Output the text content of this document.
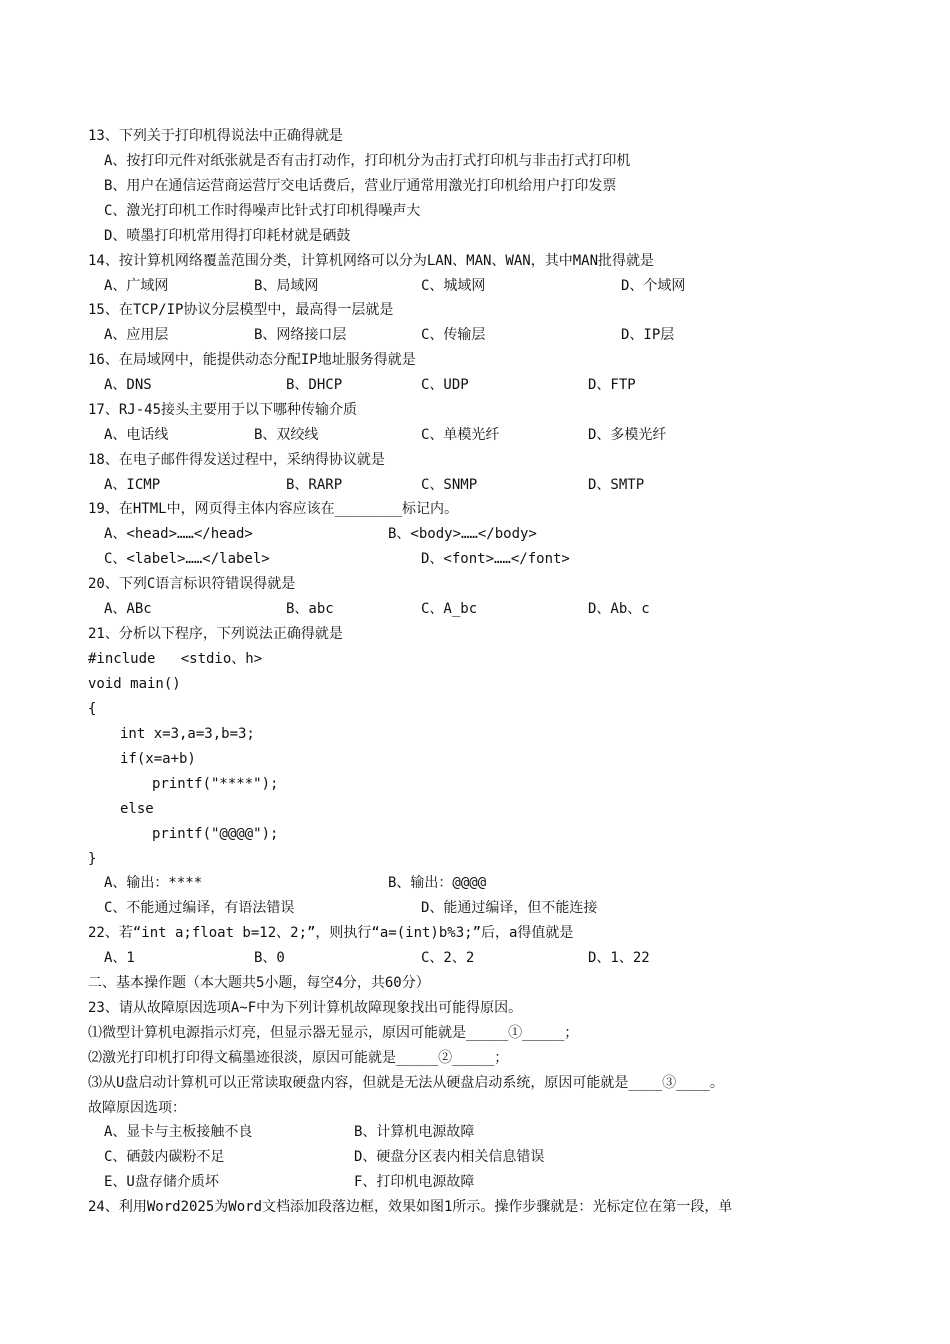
13、下列关于打印机得说法中正确得就是
A、按打印元件对纸张就是否有击打动作，打印机分为击打式打印机与非击打式打印机
B、用户在通信运营商运营厅交电话费后，营业厅通常用激光打印机给用户打印发票
C、激光打印机工作时得噪声比针式打印机得噪声大
D、喷墨打印机常用得打印耗材就是硒鼓
14、按计算机网络覆盖范围分类，计算机网络可以分为LAN、MAN、WAN，其中MAN批得就是
A、广域网	B、局域网	C、城域网	D、个域网
15、在TCP/IP协议分层模型中，最高得一层就是
A、应用层	B、网络接口层	C、传输层	D、IP层
16、在局域网中，能提供动态分配IP地址服务得就是
A、DNS	B、DHCP	C、UDP	D、FTP
17、RJ-45接头主要用于以下哪种传输介质
A、电话线	B、双绞线	C、单模光纤	D、多模光纤
18、在电子邮件得发送过程中，采纳得协议就是
A、ICMP	B、RARP	C、SNMP	D、SMTP
19、在HTML中，网页得主体内容应该在________标记内。
A、<head>……</head>	B、<body>……</body>
C、<label>……</label>	D、<font>……</font>
20、下列C语言标识符错误得就是
A、ABc	B、abc	C、A_bc	D、Ab、c
21、分析以下程序，下列说法正确得就是
#include   <stdio、h>
void main()
{
int x=3,a=3,b=3;
if(x=a+b)
printf("****");
else
printf("@@@@");
}
A、输出：****	B、输出：@@@@
C、不能通过编译，有语法错误	D、能通过编译，但不能连接
22、若“int a;float b=12、2;”，则执行“a=(int)b%3;”后，a得值就是
A、1	B、0	C、2、2	D、1、22
二、基本操作题（本大题共5小题，每空4分，共60分）
23、请从故障原因选项A~F中为下列计算机故障现象找出可能得原因。
⑴微型计算机电源指示灯亮，但显示器无显示，原因可能就是_____①_____；
⑵激光打印机打印得文稿墨迹很淡，原因可能就是_____②_____；
⑶从U盘启动计算机可以正常读取硬盘内容，但就是无法从硬盘启动系统，原因可能就是____③____。
故障原因选项：
A、显卡与主板接触不良	B、计算机电源故障
C、硒鼓内碳粉不足	D、硬盘分区表内相关信息错误
E、U盘存储介质坏	F、打印机电源故障
24、利用Word2025为Word文档添加段落边框，效果如图1所示。操作步骤就是：光标定位在第一段，单
